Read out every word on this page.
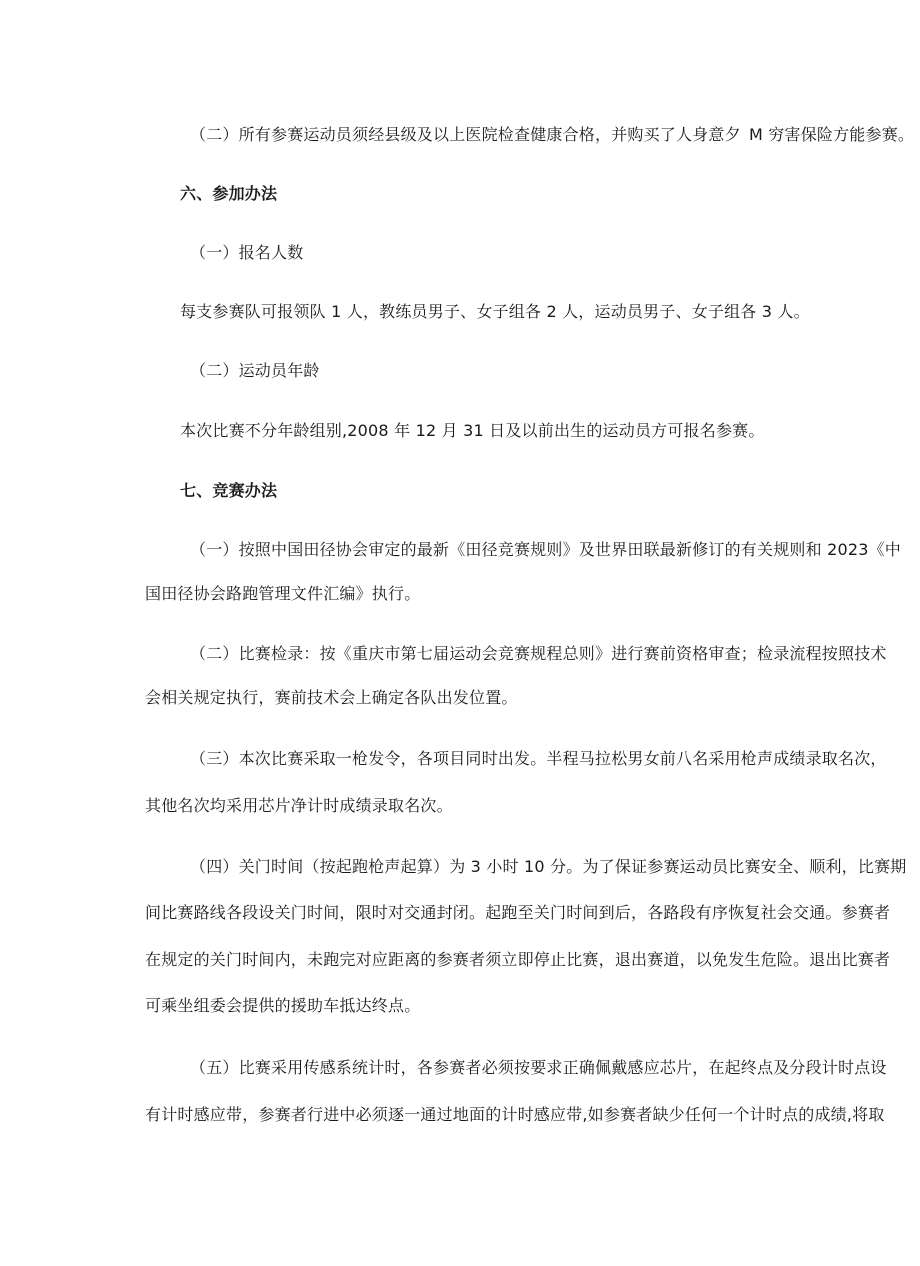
（二）所有参赛运动员须经县级及以上医院检查健康合格，并购买了人身意夕 M 穷害保险方能参赛。
六、参加办法
（一）报名人数
每支参赛队可报领队 1 人，教练员男子、女子组各 2 人，运动员男子、女子组各 3 人。
（二）运动员年龄
本次比赛不分年龄组别,2008 年 12 月 31 日及以前出生的运动员方可报名参赛。
七、竞赛办法
（一）按照中国田径协会审定的最新《田径竞赛规则》及世界田联最新修订的有关规则和 2023《中
国田径协会路跑管理文件汇编》执行。
（二）比赛检录：按《重庆市第七届运动会竞赛规程总则》进行赛前资格审查；检录流程按照技术
会相关规定执行，赛前技术会上确定各队出发位置。
（三）本次比赛采取一枪发令，各项目同时出发。半程马拉松男女前八名采用枪声成绩录取名次，
其他名次均采用芯片净计时成绩录取名次。
（四）关门时间（按起跑枪声起算）为 3 小时 10 分。为了保证参赛运动员比赛安全、顺利，比赛期
间比赛路线各段设关门时间，限时对交通封闭。起跑至关门时间到后，各路段有序恢复社会交通。参赛者
在规定的关门时间内，未跑完对应距离的参赛者须立即停止比赛，退出赛道，以免发生危险。退出比赛者
可乘坐组委会提供的援助车抵达终点。
（五）比赛采用传感系统计时，各参赛者必须按要求正确佩戴感应芯片，在起终点及分段计时点设
有计时感应带，参赛者行进中必须逐一通过地面的计时感应带,如参赛者缺少任何一个计时点的成绩,将取
